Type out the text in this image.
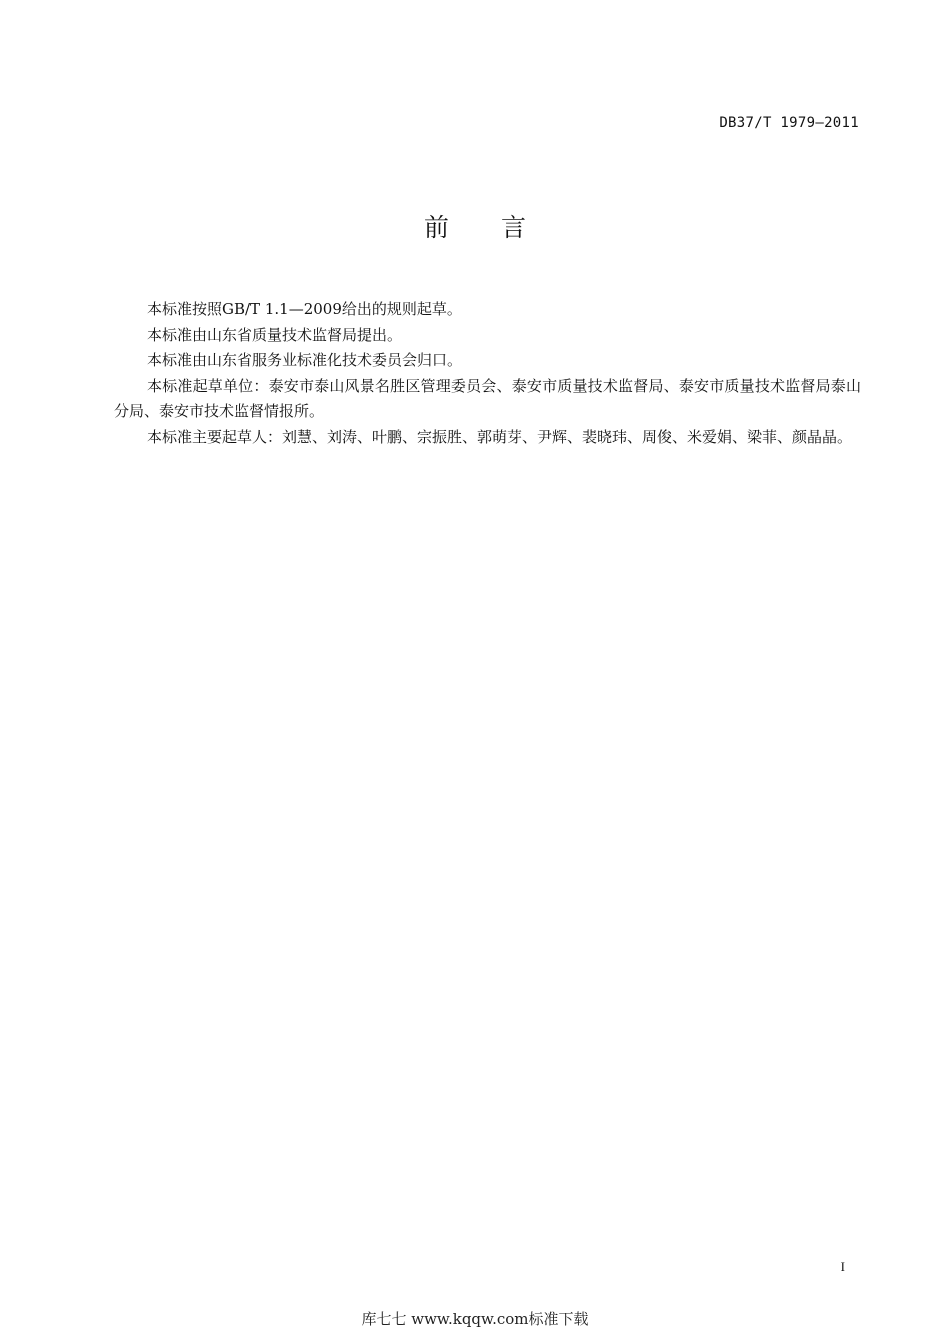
DB37/T 1979—2011
前言

本标准按照GB/T 1.1—2009给出的规则起草。

本标准由山东省质量技术监督局提出。

本标准由山东省服务业标准化技术委员会归口。

本标准起草单位：泰安市泰山风景名胜区管理委员会、泰安市质量技术监督局、泰安市质量技术监督局泰山分局、泰安市技术监督情报所。

本标准主要起草人：刘慧、刘涛、叶鹏、宗振胜、郭萌芽、尹辉、裴晓玮、周俊、米爱娟、梁菲、颜晶晶。

I
库七七 www.kqqw.com标准下载
